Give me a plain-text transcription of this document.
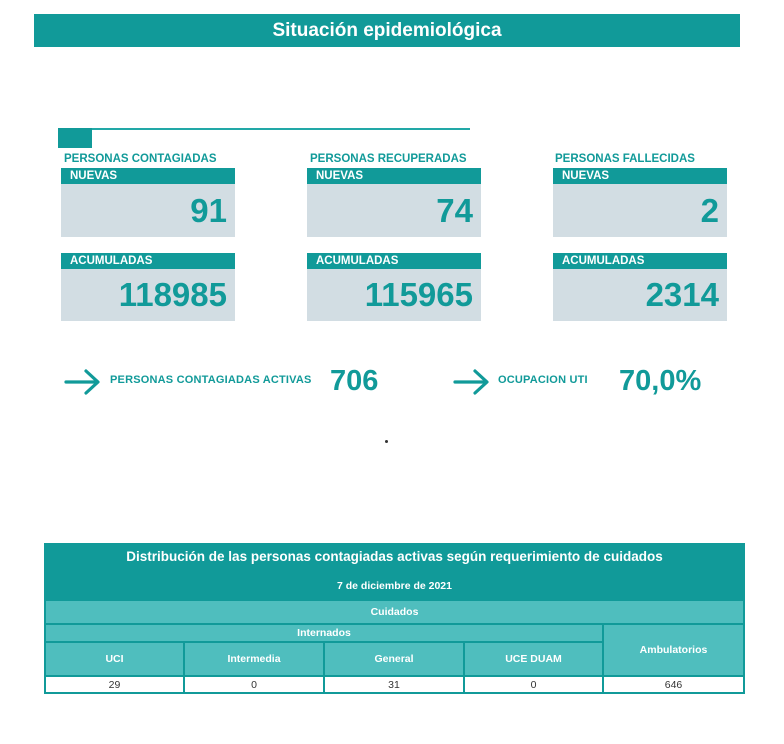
Situación epidemiológica
PERSONAS CONTAGIADAS
NUEVAS
91
ACUMULADAS
118985
PERSONAS RECUPERADAS
NUEVAS
74
ACUMULADAS
115965
PERSONAS FALLECIDAS
NUEVAS
2
ACUMULADAS
2314
PERSONAS CONTAGIADAS ACTIVAS 706	OCUPACION UTI 70,0%
Distribución de las personas contagiadas activas según requerimiento de cuidados
7 de diciembre de 2021
Cuidados
Internados
Ambulatorios
UCI	Intermedia	General	UCE DUAM
29	0	31	0	646
